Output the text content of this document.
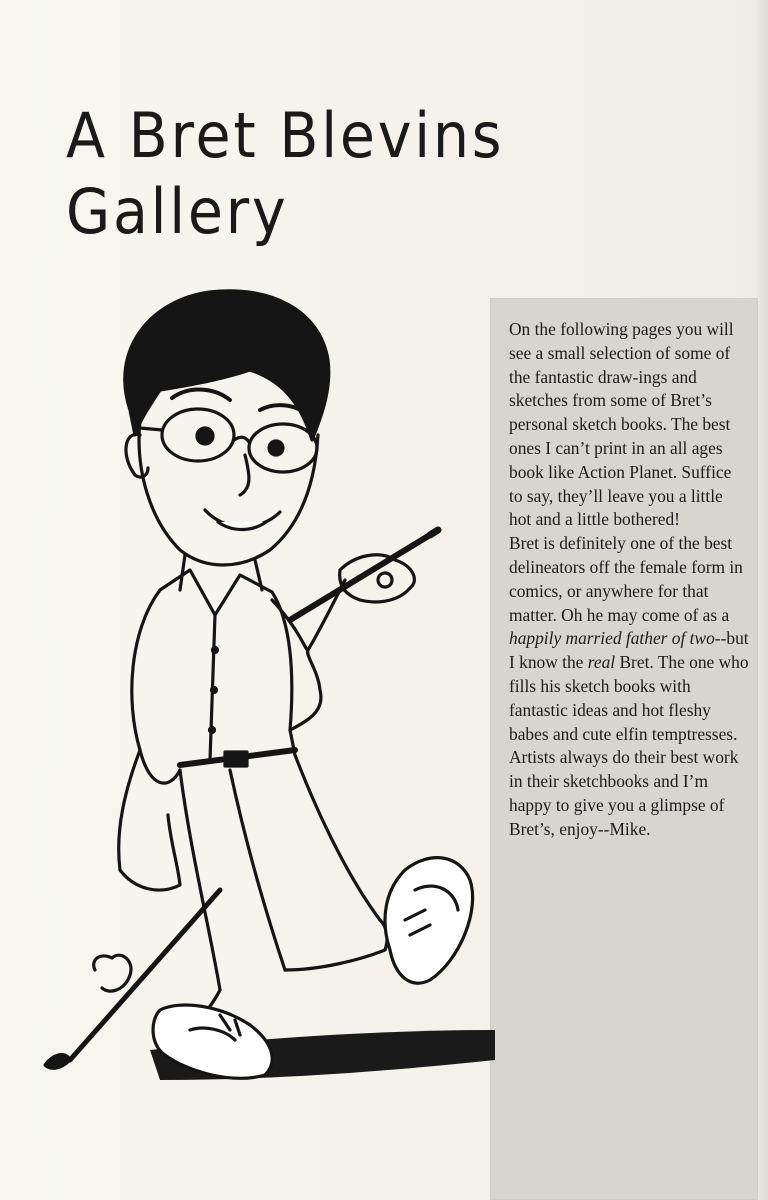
A Bret Blevins
Gallery

On the following pages you will see a small selection of some of the fantastic draw-ings and sketches from some of Bret’s personal sketch books. The best ones I can’t print in an all ages book like Action Planet. Suffice to say, they’ll leave you a little hot and a little bothered!

Bret is definitely one of the best delineators off the female form in comics, or anywhere for that matter. Oh he may come of as a happily married father of two--but I know the real Bret. The one who fills his sketch books with fantastic ideas and hot fleshy babes and cute elfin temptresses. Artists always do their best work in their sketchbooks and I’m happy to give you a glimpse of Bret’s, enjoy--Mike.
